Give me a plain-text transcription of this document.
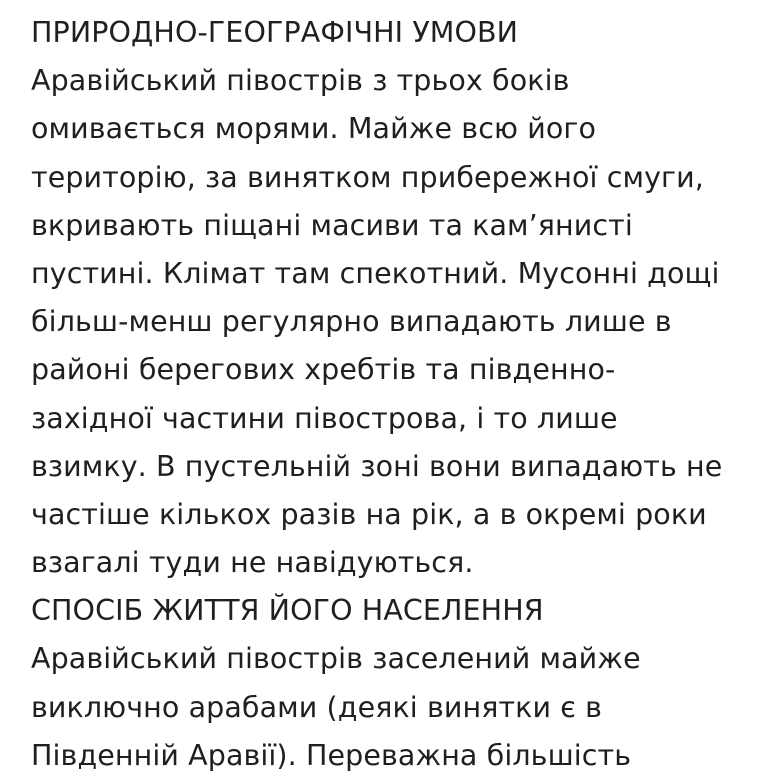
ПРИРОДНО-ГЕОГРАФІЧНІ УМОВИ
Аравійський півострів з трьох боків
омивається морями. Майже всю його
територію, за винятком прибережної смуги,
вкривають піщані масиви та кам’янисті
пустині. Клімат там спекотний. Мусонні дощі
більш-менш регулярно випадають лише в
районі берегових хребтів та південно-
західної частини півострова, і то лише
взимку. В пустельній зоні вони випадають не
частіше кількох разів на рік, а в окремі роки
взагалі туди не навідуються.
СПОСІБ ЖИТТЯ ЙОГО НАСЕЛЕННЯ
Аравійський півострів заселений майже
виключно арабами (деякі винятки є в
Південній Аравії). Переважна більшість
